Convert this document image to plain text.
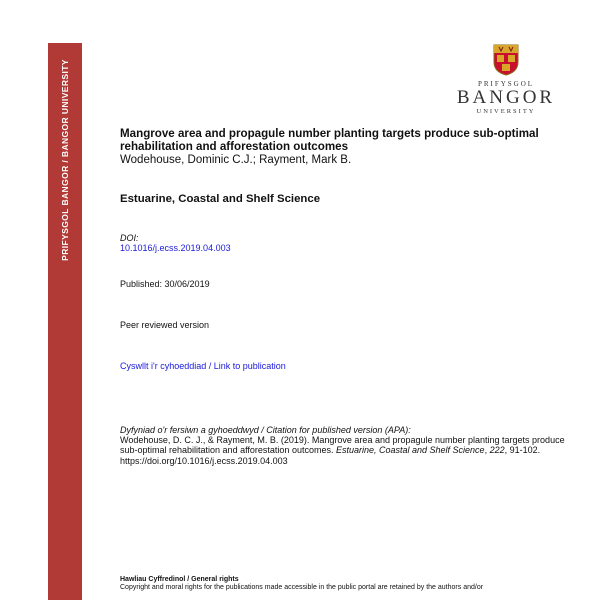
PRIFYSGOL BANGOR / BANGOR UNIVERSITY	PRIFYSGOL
BANGOR
UNIVERSITY
Mangrove area and propagule number planting targets produce sub-optimal rehabilitation and afforestation outcomes
Wodehouse, Dominic C.J.; Rayment, Mark B.
Estuarine, Coastal and Shelf Science
DOI:
10.1016/j.ecss.2019.04.003
Published: 30/06/2019
Peer reviewed version
Cyswllt i'r cyhoeddiad / Link to publication
Dyfyniad o'r fersiwn a gyhoeddwyd / Citation for published version (APA):
Wodehouse, D. C. J., & Rayment, M. B. (2019). Mangrove area and propagule number planting targets produce sub-optimal rehabilitation and afforestation outcomes. Estuarine, Coastal and Shelf Science, 222, 91-102. https://doi.org/10.1016/j.ecss.2019.04.003
Hawliau Cyffredinol / General rights
Copyright and moral rights for the publications made accessible in the public portal are retained by the authors and/or
